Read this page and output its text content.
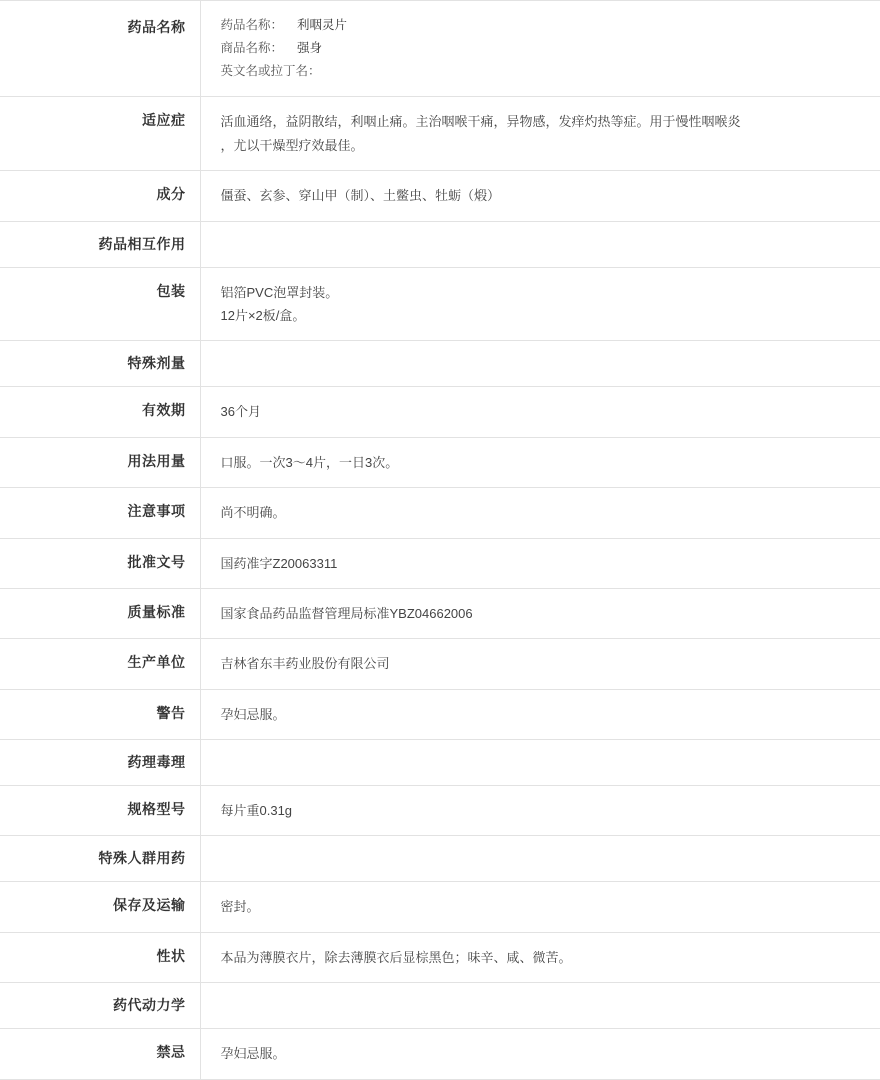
药品名称	药品名称： 利咽灵片
商品名称： 强身
英文名或拉丁名：

适应症	活血通络，益阴散结，利咽止痛。主治咽喉干痛，异物感，发痒灼热等症。用于慢性咽喉炎
，尤以干燥型疗效最佳。

成分	僵蚕、玄参、穿山甲（制）、土鳖虫、牡蛎（煅）

药品相互作用	
包装	铝箔PVC泡罩封装。
12片×2板/盒。

特殊剂量	
有效期	36个月

用法用量	口服。一次3～4片，一日3次。

注意事项	尚不明确。

批准文号	国药准字Z20063311

质量标准	国家食品药品监督管理局标准YBZ04662006

生产单位	吉林省东丰药业股份有限公司

警告	孕妇忌服。

药理毒理	
规格型号	每片重0.31g

特殊人群用药	
保存及运输	密封。

性状	本品为薄膜衣片，除去薄膜衣后显棕黑色；味辛、咸、微苦。

药代动力学	
禁忌	孕妇忌服。
